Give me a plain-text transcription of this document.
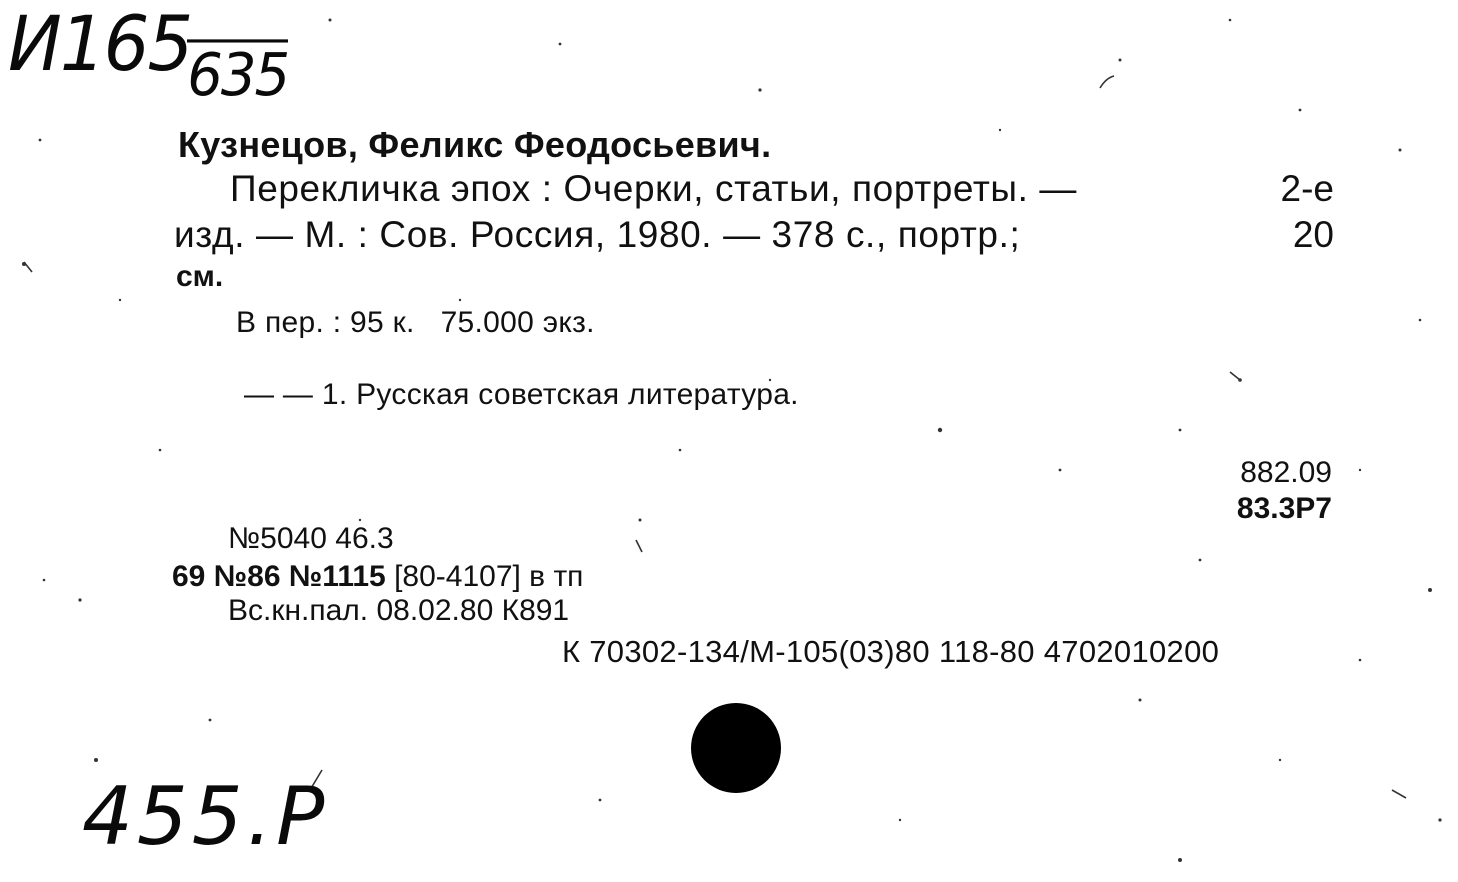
И165635
Кузнецов, Феликс Феодосьевич.
Перекличка эпох : Очерки, статьи, портреты. —	2-е
изд. — М. : Сов. Россия, 1980. — 378 с., портр.;	20
см.
В пер. : 95 к.   75.000 экз.
— — 1. Русская советская литература.
882.09
83.3Р7
№5040 46.3
69 №86 №1115 [80-4107] в тп
Вс.кн.пал. 08.02.80 К891
К 70302-134/М-105(03)80 118-80 4702010200
455.Р
